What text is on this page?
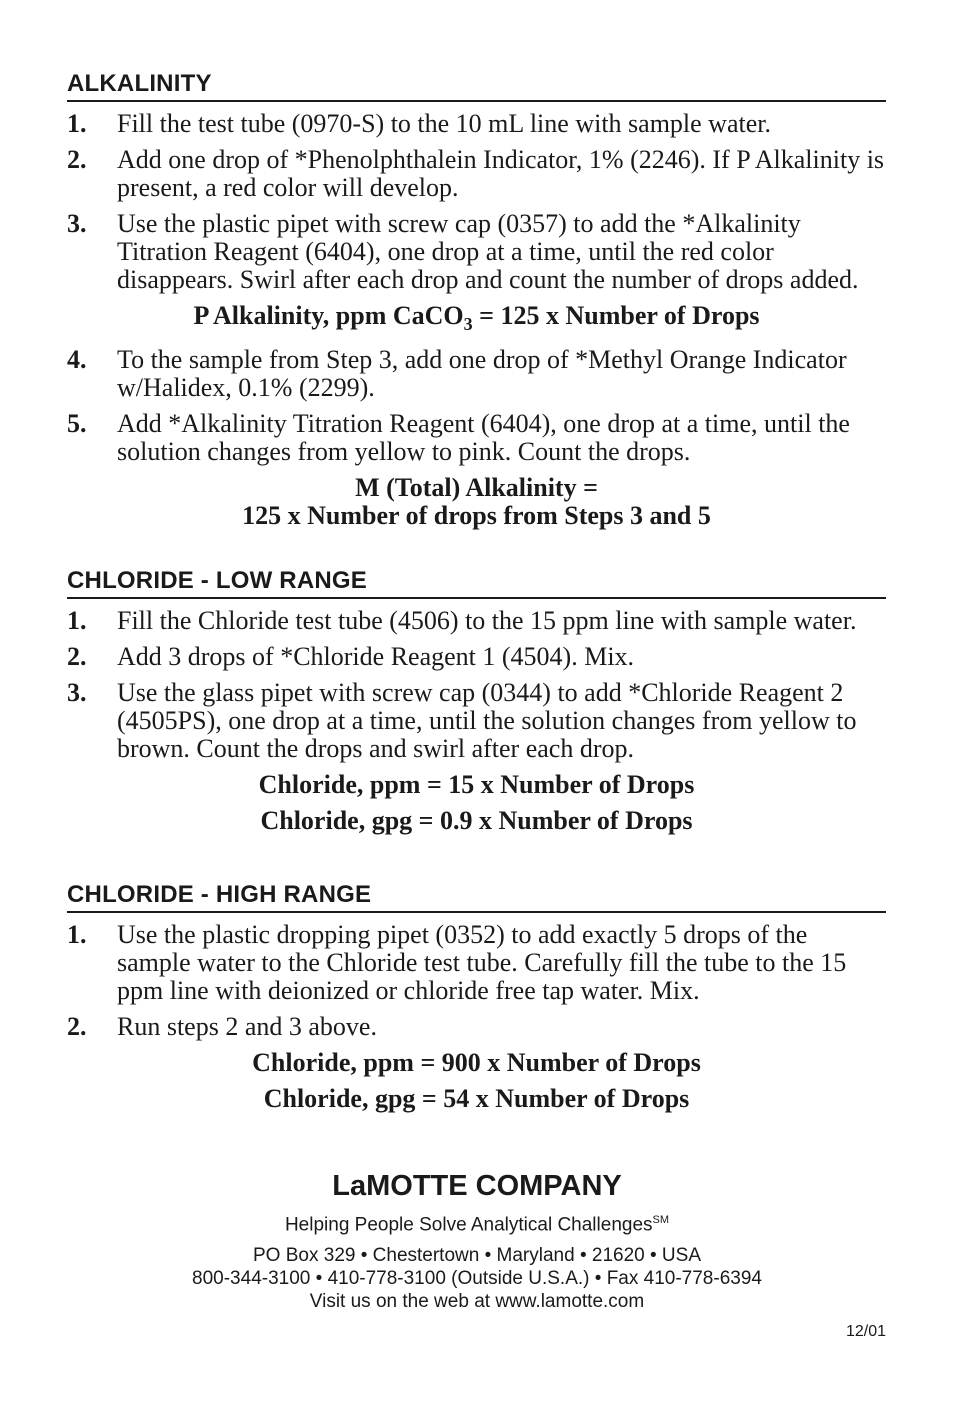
ALKALINITY
1. Fill the test tube (0970-S) to the 10 mL line with sample water.
2. Add one drop of *Phenolphthalein Indicator, 1% (2246). If P Alkalinity is present, a red color will develop.
3. Use the plastic pipet with screw cap (0357) to add the *Alkalinity Titration Reagent (6404), one drop at a time, until the red color disappears. Swirl after each drop and count the number of drops added.
P Alkalinity, ppm CaCO$_3$ = 125 x Number of Drops
4. To the sample from Step 3, add one drop of *Methyl Orange Indicator w/Halidex, 0.1% (2299).
5. Add *Alkalinity Titration Reagent (6404), one drop at a time, until the solution changes from yellow to pink. Count the drops.
M (Total) Alkalinity =
125 x Number of drops from Steps 3 and 5
CHLORIDE - LOW RANGE
1. Fill the Chloride test tube (4506) to the 15 ppm line with sample water.
2. Add 3 drops of *Chloride Reagent 1 (4504). Mix.
3. Use the glass pipet with screw cap (0344) to add *Chloride Reagent 2 (4505PS), one drop at a time, until the solution changes from yellow to brown. Count the drops and swirl after each drop.
Chloride, ppm = 15 x Number of Drops
Chloride, gpg = 0.9 x Number of Drops
CHLORIDE - HIGH RANGE
1. Use the plastic dropping pipet (0352) to add exactly 5 drops of the sample water to the Chloride test tube. Carefully fill the tube to the 15 ppm line with deionized or chloride free tap water. Mix.
2. Run steps 2 and 3 above.
Chloride, ppm = 900 x Number of Drops
Chloride, gpg = 54 x Number of Drops
LaMOTTE COMPANY
Helping People Solve Analytical Challenges℠
PO Box 329 • Chestertown • Maryland • 21620 • USA
800-344-3100 • 410-778-3100 (Outside U.S.A.) • Fax 410-778-6394
Visit us on the web at www.lamotte.com
12/01
